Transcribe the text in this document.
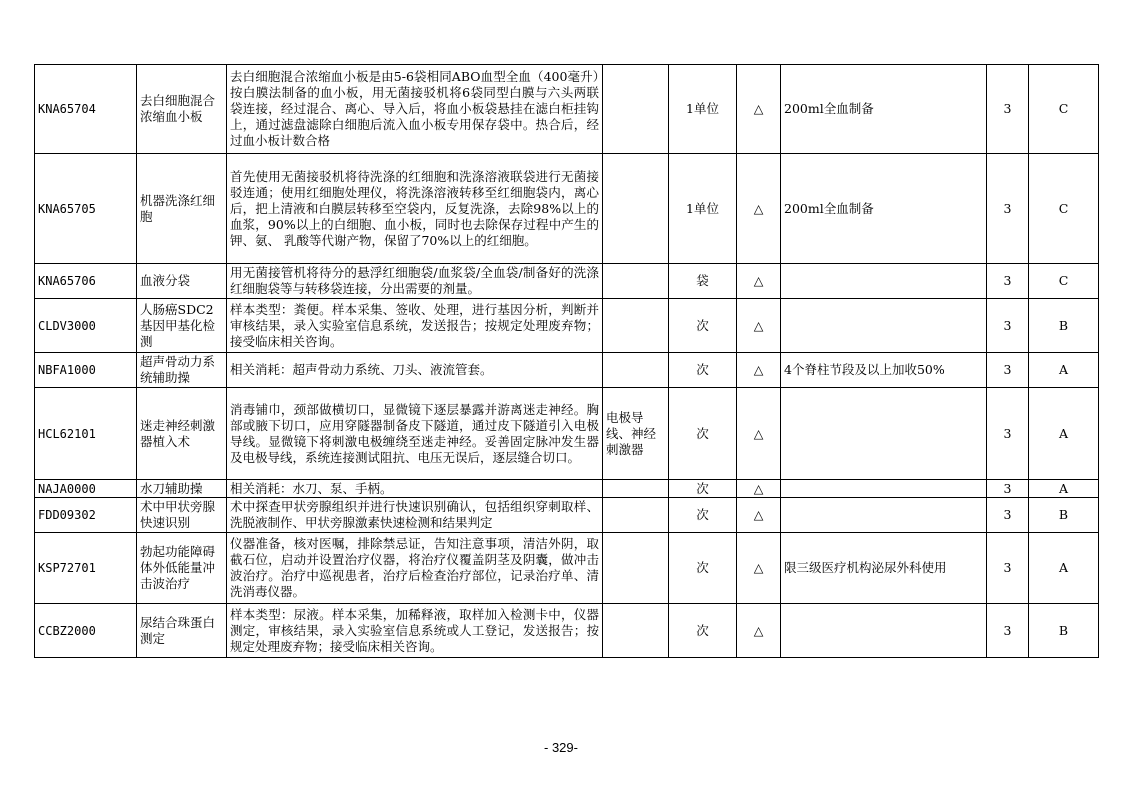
KNA65704	去白细胞混合浓缩血小板	去白细胞混合浓缩血小板是由5-6袋相同ABO血型全血（400毫升）按白膜法制备的血小板，用无菌接驳机将6袋同型白膜与六头两联袋连接，经过混合、离心、导入后，将血小板袋悬挂在滤白柜挂钩上，通过滤盘滤除白细胞后流入血小板专用保存袋中。热合后，经过血小板计数合格		1单位	△	200ml全血制备	3	C
KNA65705	机器洗涤红细胞	首先使用无菌接驳机将待洗涤的红细胞和洗涤溶液联袋进行无菌接驳连通；使用红细胞处理仪，将洗涤溶液转移至红细胞袋内，离心后，把上清液和白膜层转移至空袋内，反复洗涤，去除98%以上的血浆，90%以上的白细胞、血小板，同时也去除保存过程中产生的钾、氨、 乳酸等代谢产物，保留了70%以上的红细胞。		1单位	△	200ml全血制备	3	C
KNA65706	血液分袋	用无菌接管机将待分的悬浮红细胞袋/血浆袋/全血袋/制备好的洗涤红细胞袋等与转移袋连接，分出需要的剂量。		袋	△		3	C
CLDV3000	人肠癌SDC2基因甲基化检测	样本类型：粪便。样本采集、签收、处理，进行基因分析，判断并审核结果，录入实验室信息系统，发送报告；按规定处理废弃物；接受临床相关咨询。		次	△		3	B
NBFA1000	超声骨动力系统辅助操	相关消耗：超声骨动力系统、刀头、液流管套。		次	△	4个脊柱节段及以上加收50%	3	A
HCL62101	迷走神经刺激器植入术	消毒铺巾，颈部做横切口，显微镜下逐层暴露并游离迷走神经。胸部或腋下切口，应用穿隧器制备皮下隧道，通过皮下隧道引入电极导线。显微镜下将刺激电极缠绕至迷走神经。妥善固定脉冲发生器及电极导线，系统连接测试阻抗、电压无误后，逐层缝合切口。	电极导线、神经刺激器	次	△		3	A
NAJA0000	水刀辅助操	相关消耗：水刀、泵、手柄。		次	△		3	A
FDD09302	术中甲状旁腺快速识别	术中探查甲状旁腺组织并进行快速识别确认，包括组织穿刺取样、洗脱液制作、甲状旁腺激素快速检测和结果判定		次	△		3	B
KSP72701	勃起功能障碍体外低能量冲击波治疗	仪器准备，核对医嘱，排除禁忌证，告知注意事项，清洁外阴，取截石位，启动并设置治疗仪器，将治疗仪覆盖阴茎及阴囊，做冲击波治疗。治疗中巡视患者，治疗后检查治疗部位，记录治疗单、清洗消毒仪器。		次	△	限三级医疗机构泌尿外科使用	3	A
CCBZ2000	尿结合珠蛋白测定	样本类型：尿液。样本采集，加稀释液，取样加入检测卡中，仪器测定，审核结果，录入实验室信息系统或人工登记，发送报告；按规定处理废弃物；接受临床相关咨询。		次	△		3	B
- 329-
